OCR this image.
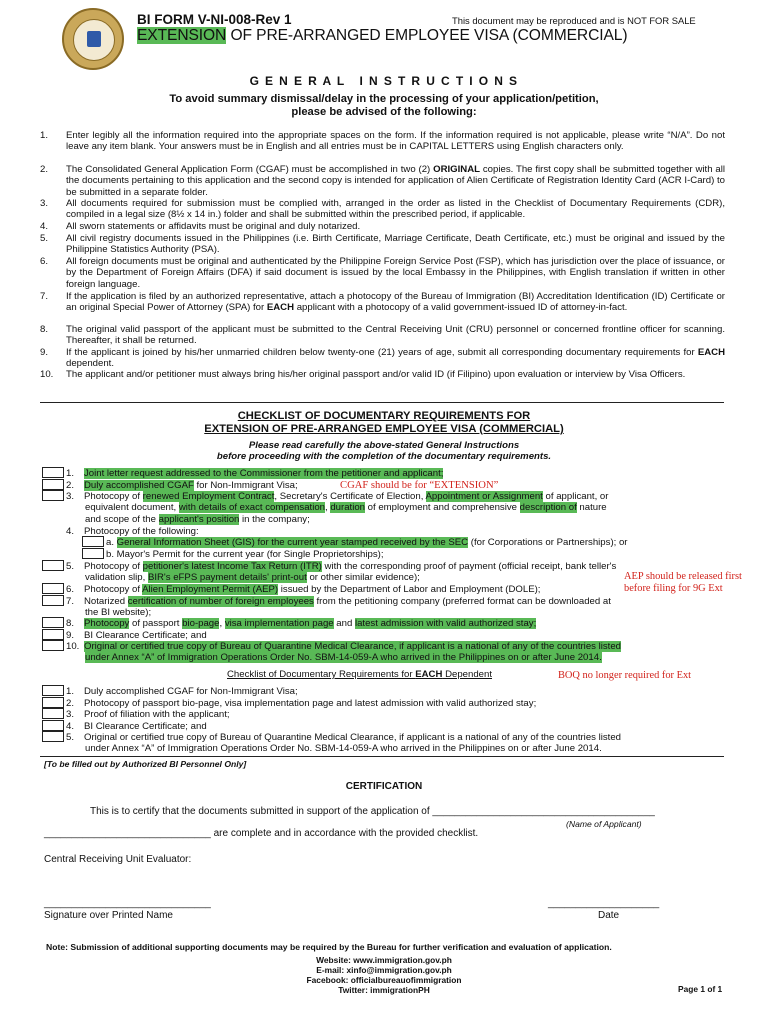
BI FORM V-NI-008-Rev 1	This document may be reproduced and is NOT FOR SALE
EXTENSION OF PRE-ARRANGED EMPLOYEE VISA (COMMERCIAL)
G E N E R A L   I N S T R U C T I O N S
To avoid summary dismissal/delay in the processing of your application/petition,
please be advised of the following:
1.	Enter legibly all the information required into the appropriate spaces on the form. If the information required is not applicable, please write “N/A”. Do not leave any item blank. Your answers must be in English and all entries must be in CAPITAL LETTERS using English characters only.
2.	The Consolidated General Application Form (CGAF) must be accomplished in two (2) ORIGINAL copies. The first copy shall be submitted together with all the documents pertaining to this application and the second copy is intended for application of Alien Certificate of Registration Identity Card (ACR I-Card) to be submitted in a separate folder.
3.	All documents required for submission must be complied with, arranged in the order as listed in the Checklist of Documentary Requirements (CDR), compiled in a legal size (8½ x 14 in.) folder and shall be submitted within the prescribed period, if applicable.
4.	All sworn statements or affidavits must be original and duly notarized.
5.	All civil registry documents issued in the Philippines (i.e. Birth Certificate, Marriage Certificate, Death Certificate, etc.) must be original and issued by the Philippine Statistics Authority (PSA).
6.	All foreign documents must be original and authenticated by the Philippine Foreign Service Post (FSP), which has jurisdiction over the place of issuance, or by the Department of Foreign Affairs (DFA) if said document is issued by the local Embassy in the Philippines, with English translation if written in other foreign language.
7.	If the application is filed by an authorized representative, attach a photocopy of the Bureau of Immigration (BI) Accreditation Identification (ID) Certificate or an original Special Power of Attorney (SPA) for EACH applicant with a photocopy of a valid government-issued ID of attorney-in-fact.
8.	The original valid passport of the applicant must be submitted to the Central Receiving Unit (CRU) personnel or concerned frontline officer for scanning. Thereafter, it shall be returned.
9.	If the applicant is joined by his/her unmarried children below twenty-one (21) years of age, submit all corresponding documentary requirements for EACH dependent.
10.	The applicant and/or petitioner must always bring his/her original passport and/or valid ID (if Filipino) upon evaluation or interview by Visa Officers.
CHECKLIST OF DOCUMENTARY REQUIREMENTS FOR
EXTENSION OF PRE-ARRANGED EMPLOYEE VISA (COMMERCIAL)
Please read carefully the above-stated General Instructions
before proceeding with the completion of the documentary requirements.
1. Joint letter request addressed to the Commissioner from the petitioner and applicant;
2. Duly accomplished CGAF for Non-Immigrant Visa;
3. Photocopy of renewed Employment Contract, Secretary's Certificate of Election, Appointment or Assignment of applicant, or
equivalent document, with details of exact compensation, duration of employment and comprehensive description of nature
and scope of the applicant's position in the company;
4. Photocopy of the following:
a. General Information Sheet (GIS) for the current year stamped received by the SEC (for Corporations or Partnerships); or
b. Mayor's Permit for the current year (for Single Proprietorships);
5. Photocopy of petitioner's latest Income Tax Return (ITR) with the corresponding proof of payment (official receipt, bank teller's
validation slip, BIR's eFPS payment details' print-out or other similar evidence);
6. Photocopy of Alien Employment Permit (AEP) issued by the Department of Labor and Employment (DOLE);
7. Notarized certification of number of foreign employees from the petitioning company (preferred format can be downloaded at
the BI website);
8. Photocopy of passport bio-page, visa implementation page and latest admission with valid authorized stay;
9. BI Clearance Certificate; and
10. Original or certified true copy of Bureau of Quarantine Medical Clearance, if applicant is a national of any of the countries listed
under Annex “A” of Immigration Operations Order No. SBM-14-059-A who arrived in the Philippines on or after June 2014.
CGAF should be for “EXTENSION”
AEP should be released first
before filing for 9G Ext
BOQ no longer required for Ext
Checklist of Documentary Requirements for EACH Dependent
1. Duly accomplished CGAF for Non-Immigrant Visa;
2. Photocopy of passport bio-page, visa implementation page and latest admission with valid authorized stay;
3. Proof of filiation with the applicant;
4. BI Clearance Certificate; and
5. Original or certified true copy of Bureau of Quarantine Medical Clearance, if applicant is a national of any of the countries listed
under Annex “A” of Immigration Operations Order No. SBM-14-059-A who arrived in the Philippines on or after June 2014.
[To be filled out by Authorized BI Personnel Only]
CERTIFICATION
This is to certify that the documents submitted in support of the application of ________________________________________
(Name of Applicant)
______________________________ are complete and in accordance with the provided checklist.
Central Receiving Unit Evaluator:
______________________________
Signature over Printed Name
____________________
Date
Note: Submission of additional supporting documents may be required by the Bureau for further verification and evaluation of application.
Website: www.immigration.gov.ph
E-mail: xinfo@immigration.gov.ph
Facebook: officialbureauofimmigration
Twitter: immigrationPH	Page 1 of 1
